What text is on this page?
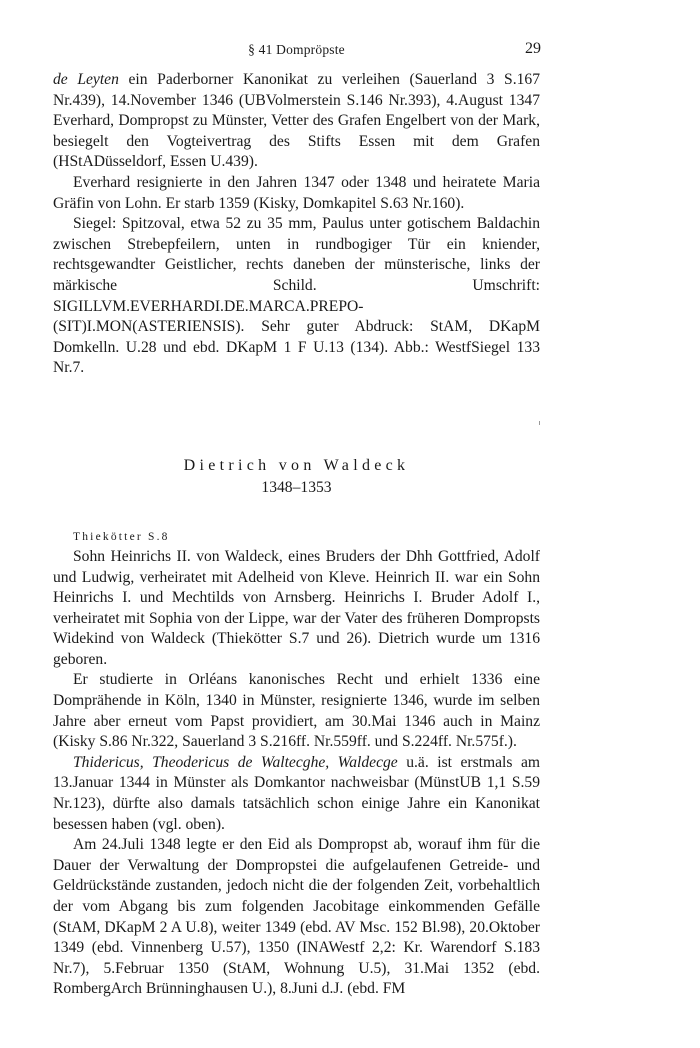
§ 41 Dompröpste	29

de Leyten ein Paderborner Kanonikat zu verleihen (Sauerland 3 S.167 Nr.439), 14.November 1346 (UBVolmerstein S.146 Nr.393), 4.August 1347 Everhard, Dompropst zu Münster, Vetter des Grafen Engelbert von der Mark, besiegelt den Vogteivertrag des Stifts Essen mit dem Grafen (HStADüsseldorf, Essen U.439).

Everhard resignierte in den Jahren 1347 oder 1348 und heiratete Maria Gräfin von Lohn. Er starb 1359 (Kisky, Domkapitel S.63 Nr.160).

Siegel: Spitzoval, etwa 52 zu 35 mm, Paulus unter gotischem Baldachin zwischen Strebepfeilern, unten in rundbogiger Tür ein kniender, rechtsgewandter Geistlicher, rechts daneben der münsterische, links der märkische Schild. Umschrift: SIGILLVM.EVERHARDI.DE.MARCA.PREPO-(SIT)I.MON(ASTERIENSIS). Sehr guter Abdruck: StAM, DKapM Domkelln. U.28 und ebd. DKapM 1 F U.13 (134). Abb.: WestfSiegel 133 Nr.7.

Dietrich von Waldeck
1348–1353
Thiekötter S.8

Sohn Heinrichs II. von Waldeck, eines Bruders der Dhh Gottfried, Adolf und Ludwig, verheiratet mit Adelheid von Kleve. Heinrich II. war ein Sohn Heinrichs I. und Mechtilds von Arnsberg. Heinrichs I. Bruder Adolf I., verheiratet mit Sophia von der Lippe, war der Vater des früheren Dompropsts Widekind von Waldeck (Thiekötter S.7 und 26). Dietrich wurde um 1316 geboren.

Er studierte in Orléans kanonisches Recht und erhielt 1336 eine Domprähende in Köln, 1340 in Münster, resignierte 1346, wurde im selben Jahre aber erneut vom Papst providiert, am 30.Mai 1346 auch in Mainz (Kisky S.86 Nr.322, Sauerland 3 S.216ff. Nr.559ff. und S.224ff. Nr.575f.).

Thidericus, Theodericus de Waltecghe, Waldecge u.ä. ist erstmals am 13.Januar 1344 in Münster als Domkantor nachweisbar (MünstUB 1,1 S.59 Nr.123), dürfte also damals tatsächlich schon einige Jahre ein Kanonikat besessen haben (vgl. oben).

Am 24.Juli 1348 legte er den Eid als Dompropst ab, worauf ihm für die Dauer der Verwaltung der Dompropstei die aufgelaufenen Getreide- und Geldrückstände zustanden, jedoch nicht die der folgenden Zeit, vorbehaltlich der vom Abgang bis zum folgenden Jacobitage einkommenden Gefälle (StAM, DKapM 2 A U.8), weiter 1349 (ebd. AV Msc. 152 Bl.98), 20.Oktober 1349 (ebd. Vinnenberg U.57), 1350 (INAWestf 2,2: Kr. Warendorf S.183 Nr.7), 5.Februar 1350 (StAM, Wohnung U.5), 31.Mai 1352 (ebd. RombergArch Brünninghausen U.), 8.Juni d.J. (ebd. FM
